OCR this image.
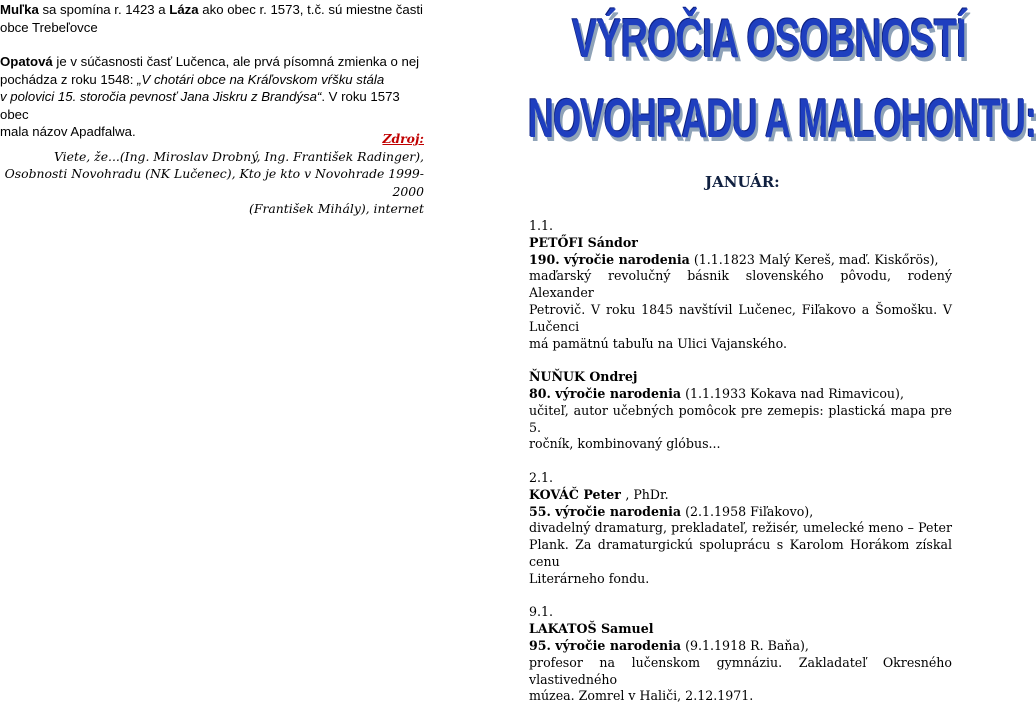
Muľka sa spomína r. 1423 a Láza ako obec r. 1573, t.č. sú miestne časti

obce Trebeľovce

Opatová je v súčasnosti časť Lučenca, ale prvá písomná zmienka o nej

pochádza z roku 1548: „V chotári obce na Kráľovskom vŕšku stála

v polovici 15. storočia pevnosť Jana Jiskru z Brandýsa“. V roku 1573 obec

mala názov Apadfalwa.	Zdroj:
Viete, že...(Ing. Miroslav Drobný, Ing. František Radinger),
Osobnosti Novohradu (NK Lučenec), Kto je kto v Novohrade 1999-2000
(František Mihály), internet
VÝROČIA OSOBNOSTÍ
NOVOHRADU A MALOHONTU:
JANUÁR:
1.1.
PETŐFI Sándor
190. výročie narodenia (1.1.1823 Malý Kereš, maď. Kiskőrös),
maďarský revolučný básnik slovenského pôvodu, rodený Alexander
Petrovič. V roku 1845 navštívil Lučenec, Fiľakovo a Šomošku. V Lučenci
má pamätnú tabuľu na Ulici Vajanského.
ŇUŇUK Ondrej
80. výročie narodenia (1.1.1933 Kokava nad Rimavicou),
učiteľ, autor učebných pomôcok pre zemepis: plastická mapa pre 5.
ročník, kombinovaný glóbus...
2.1.
KOVÁČ Peter , PhDr.
55. výročie narodenia (2.1.1958 Fiľakovo),
divadelný dramaturg, prekladateľ, režisér, umelecké meno – Peter
Plank. Za dramaturgickú spoluprácu s Karolom Horákom získal cenu
Literárneho fondu.
9.1.
LAKATOŠ Samuel
95. výročie narodenia (9.1.1918 R. Baňa),
profesor na lučenskom gymnáziu. Zakladateľ Okresného vlastivedného
múzea. Zomrel v Haliči, 2.12.1971.
